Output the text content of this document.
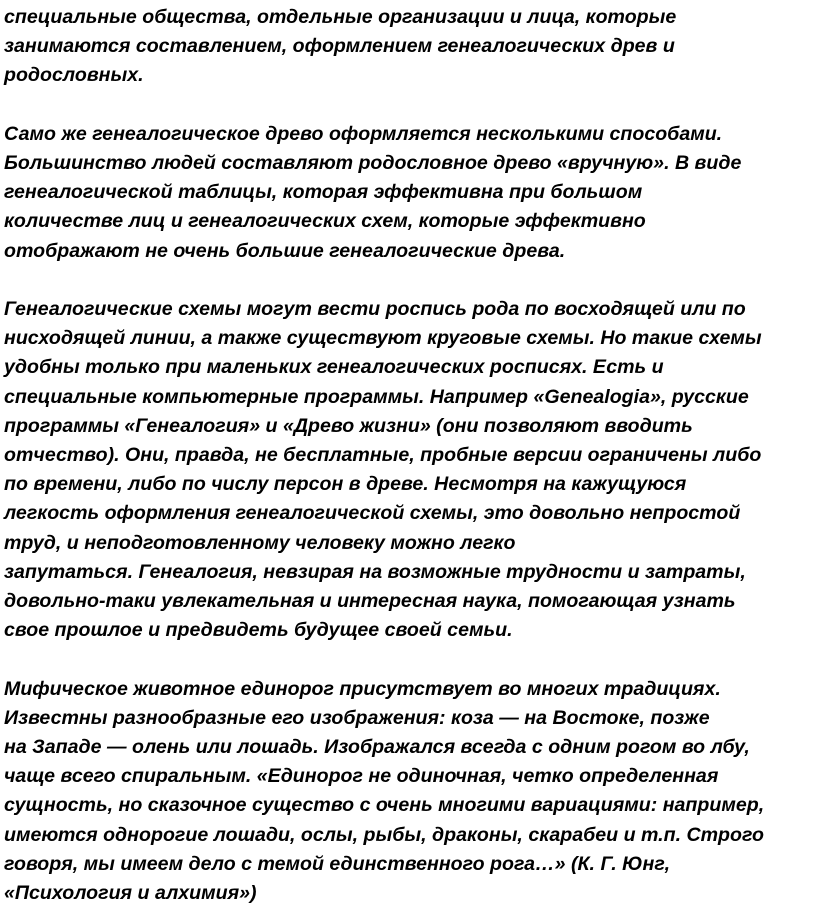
специальные общества, отдельные организации и лица, которые
занимаются составлением, оформлением генеалогических древ и
родословных.

Само же генеалогическое древо оформляется несколькими способами.
Большинство людей составляют родословное древо «вручную». В виде
генеалогической таблицы, которая эффективна при большом
количестве лиц и генеалогических схем, которые эффективно
отображают не очень большие генеалогические древа.

Генеалогические схемы могут вести роспись рода по восходящей или по
нисходящей линии, а также существуют круговые схемы. Но такие схемы
удобны только при маленьких генеалогических росписях. Есть и
специальные компьютерные программы. Например «Genealogia», русские
программы «Генеалогия» и «Древо жизни» (они позволяют вводить
отчество). Они, правда, не бесплатные, пробные версии ограничены либо
по времени, либо по числу персон в древе. Несмотря на кажущуюся
легкость оформления генеалогической схемы, это довольно непростой
труд, и неподготовленному человеку можно легко
запутаться. Генеалогия, невзирая на возможные трудности и затраты,
довольно-таки увлекательная и интересная наука, помогающая узнать
свое прошлое и предвидеть будущее своей семьи.

Мифическое животное единорог присутствует во многих традициях.
Известны разнообразные его изображения: коза — на Востоке, позже
на Западе — олень или лошадь. Изображался всегда с одним рогом во лбу,
чаще всего спиральным. «Единорог не одиночная, четко определенная
сущность, но сказочное существо с очень многими вариациями: например,
имеются однорогие лошади, ослы, рыбы, драконы, скарабеи и т.п. Строго
говоря, мы имеем дело с темой единственного рога…» (К. Г. Юнг,
«Психология и алхимия»)
